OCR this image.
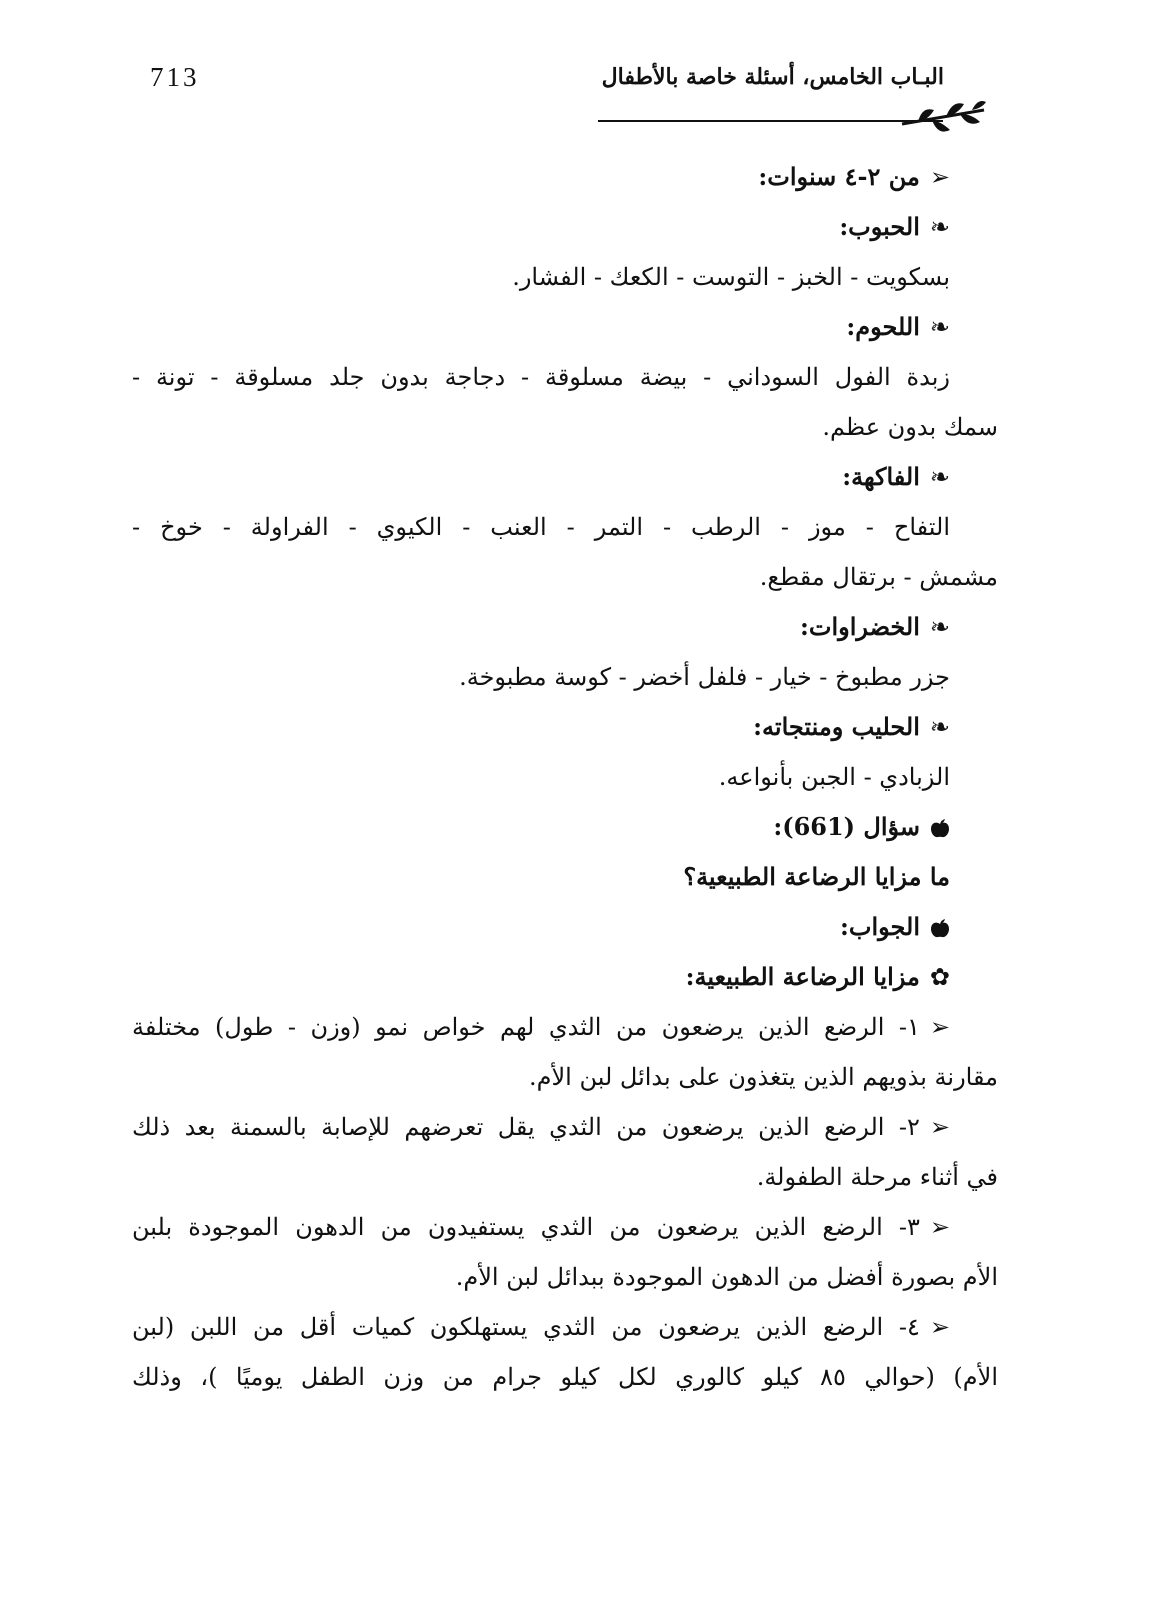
713	البـاب الخامس، أسئلة خاصة بالأطفال
➢من ٢-٤ سنوات:
❧الحبوب:
بسكويت - الخبز - التوست - الكعك - الفشار.
❧اللحوم:
زبدة الفول السوداني - بيضة مسلوقة - دجاجة بدون جلد مسلوقة - تونة -
سمك بدون عظم.
❧الفاكهة:
التفاح - موز - الرطب - التمر - العنب - الكيوي - الفراولة - خوخ -
مشمش - برتقال مقطع.
❧الخضراوات:
جزر مطبوخ - خيار - فلفل أخضر - كوسة مطبوخة.
❧الحليب ومنتجاته:
الزبادي - الجبن بأنواعه.
سؤال (661):
ما مزايا الرضاعة الطبيعية؟
الجواب:
✿مزايا الرضاعة الطبيعية:
➢١- الرضع الذين يرضعون من الثدي لهم خواص نمو (وزن - طول) مختلفة
مقارنة بذويهم الذين يتغذون على بدائل لبن الأم.
➢٢- الرضع الذين يرضعون من الثدي يقل تعرضهم للإصابة بالسمنة بعد ذلك
في أثناء مرحلة الطفولة.
➢٣- الرضع الذين يرضعون من الثدي يستفيدون من الدهون الموجودة بلبن
الأم بصورة أفضل من الدهون الموجودة ببدائل لبن الأم.
➢٤- الرضع الذين يرضعون من الثدي يستهلكون كميات أقل من اللبن (لبن
الأم) (حوالي ٨٥ كيلو كالوري لكل كيلو جرام من وزن الطفل يوميًا )، وذلك
